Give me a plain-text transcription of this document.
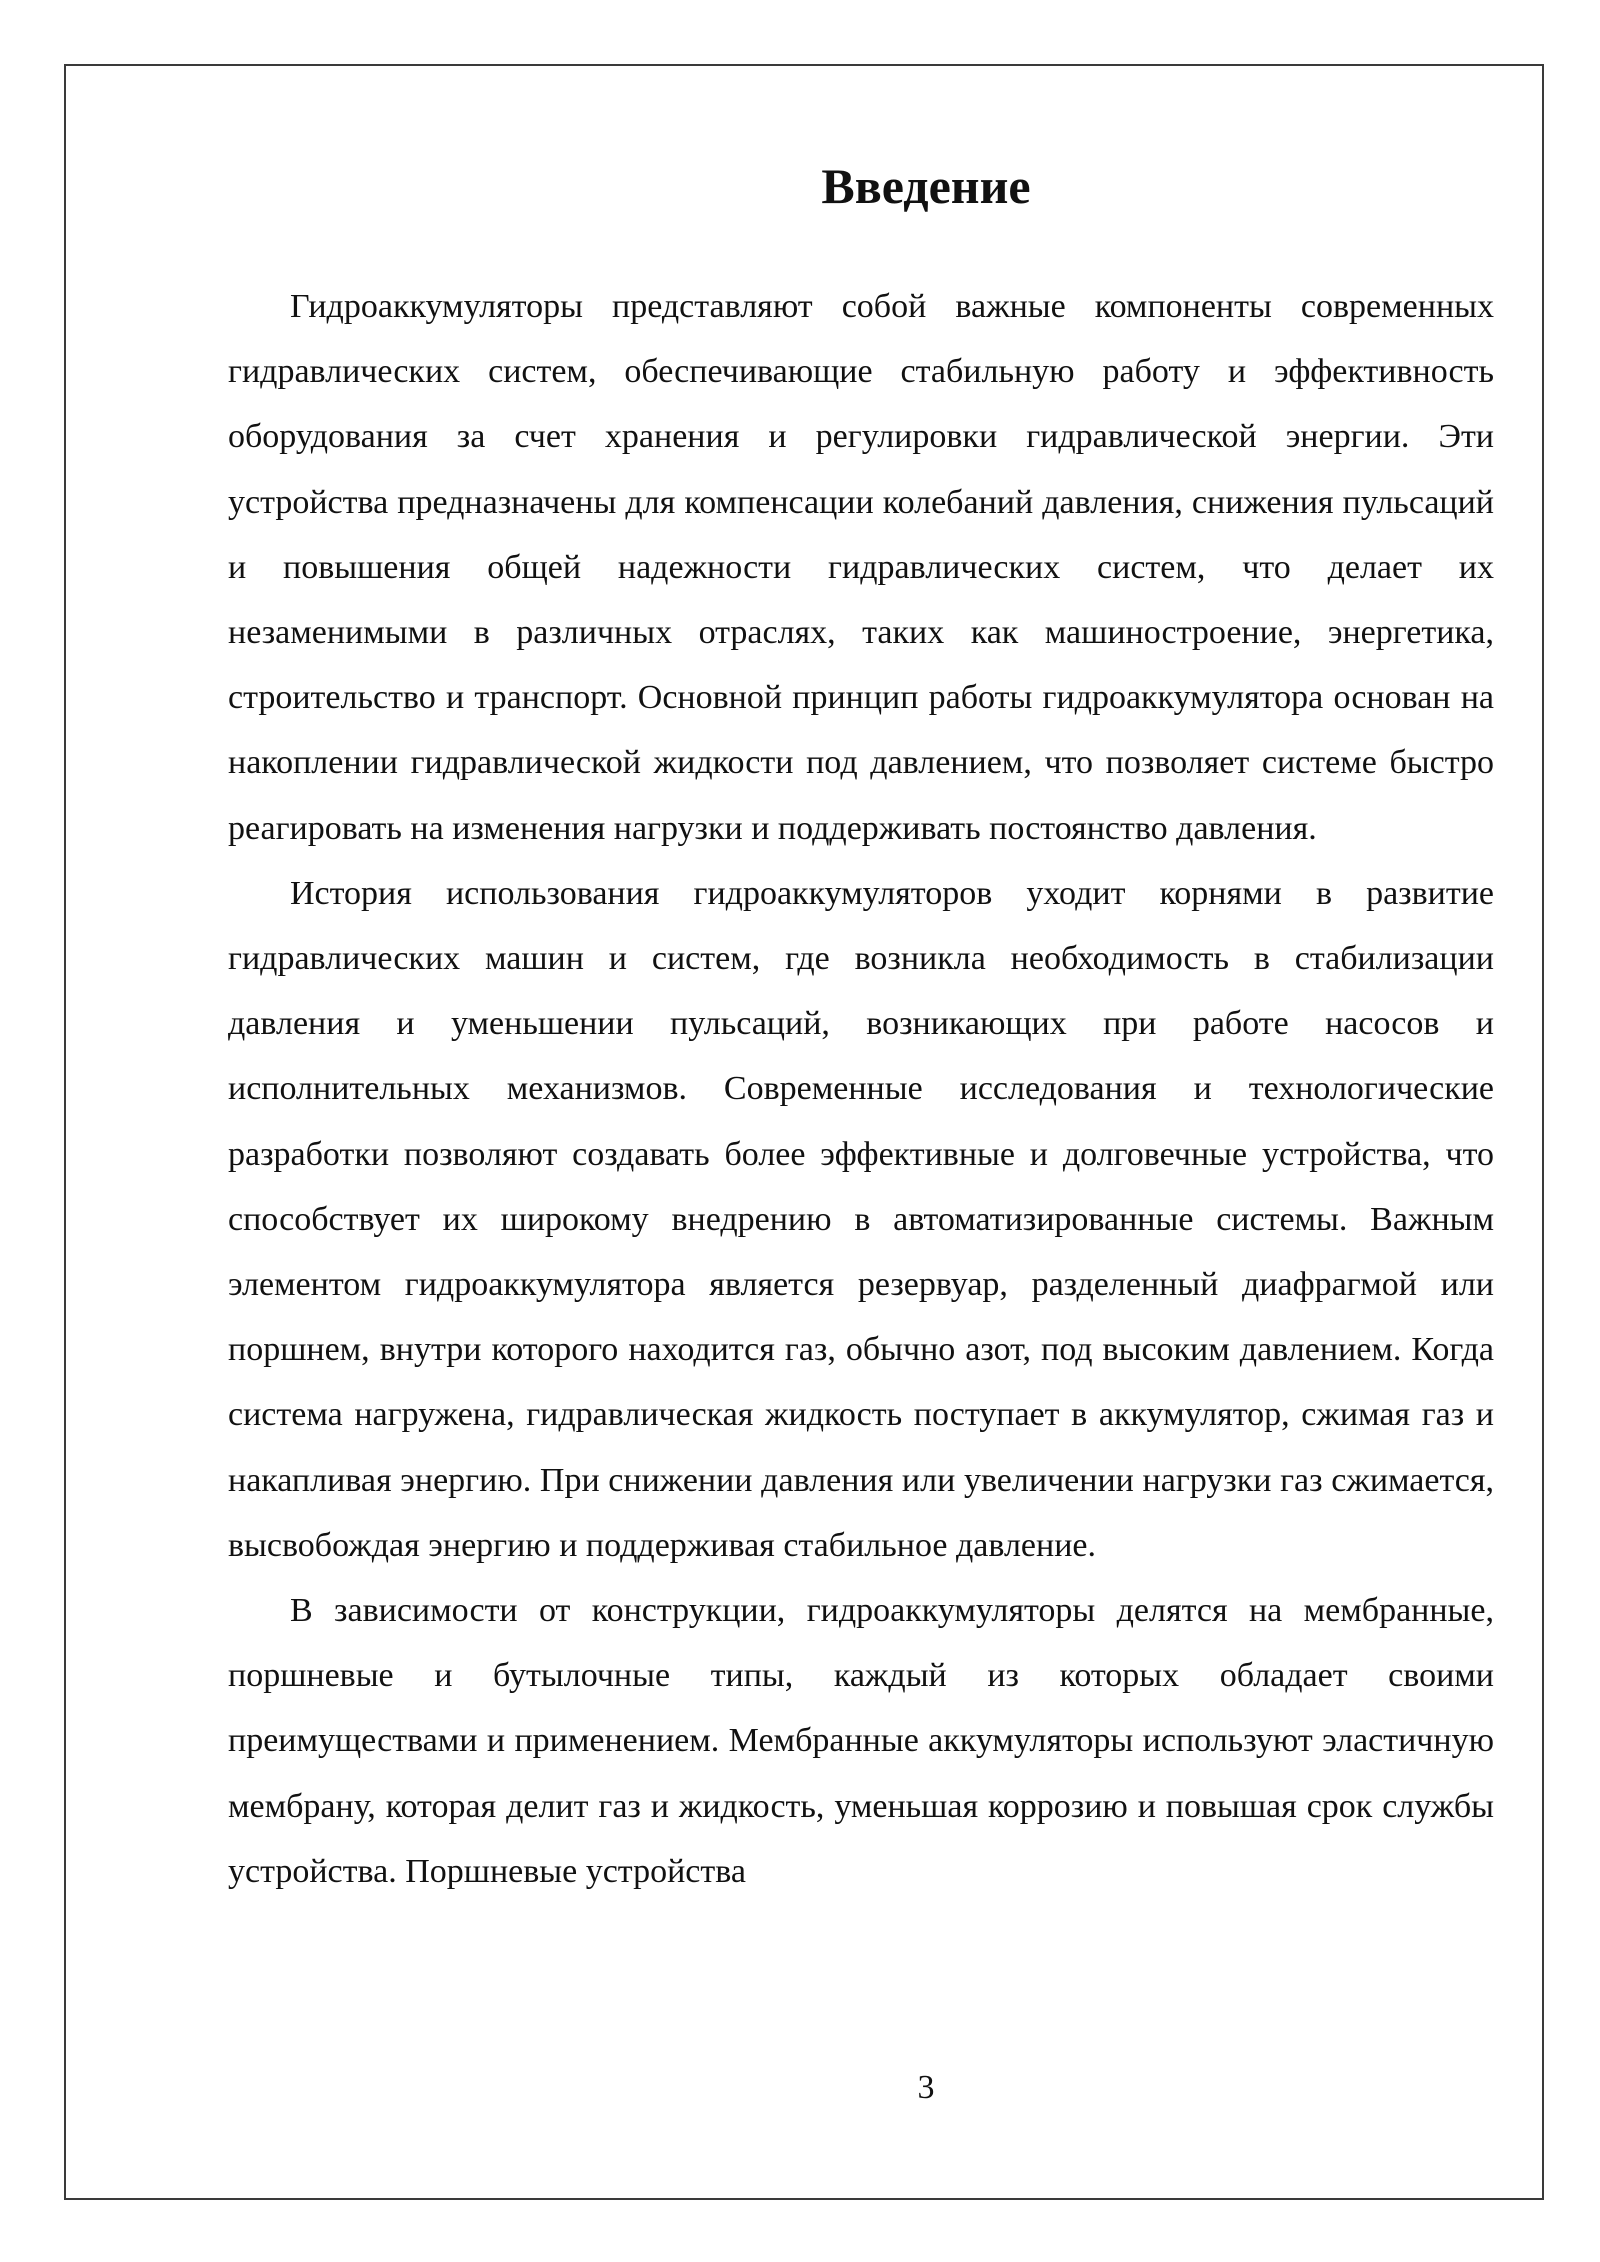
Введение

Гидроаккумуляторы представляют собой важные компоненты современных гидравлических систем, обеспечивающие стабильную работу и эффективность оборудования за счет хранения и регулировки гидравлической энергии. Эти устройства предназначены для компенсации колебаний давления, снижения пульсаций и повышения общей надежности гидравлических систем, что делает их незаменимыми в различных отраслях, таких как машиностроение, энергетика, строительство и транспорт. Основной принцип работы гидроаккумулятора основан на накоплении гидравлической жидкости под давлением, что позволяет системе быстро реагировать на изменения нагрузки и поддерживать постоянство давления.

История использования гидроаккумуляторов уходит корнями в развитие гидравлических машин и систем, где возникла необходимость в стабилизации давления и уменьшении пульсаций, возникающих при работе насосов и исполнительных механизмов. Современные исследования и технологические разработки позволяют создавать более эффективные и долговечные устройства, что способствует их широкому внедрению в автоматизированные системы. Важным элементом гидроаккумулятора является резервуар, разделенный диафрагмой или поршнем, внутри которого находится газ, обычно азот, под высоким давлением. Когда система нагружена, гидравлическая жидкость поступает в аккумулятор, сжимая газ и накапливая энергию. При снижении давления или увеличении нагрузки газ сжимается, высвобождая энергию и поддерживая стабильное давление.

В зависимости от конструкции, гидроаккумуляторы делятся на мембранные, поршневые и бутылочные типы, каждый из которых обладает своими преимуществами и применением. Мембранные аккумуляторы используют эластичную мембрану, которая делит газ и жидкость, уменьшая коррозию и повышая срок службы устройства. Поршневые устройства

3
